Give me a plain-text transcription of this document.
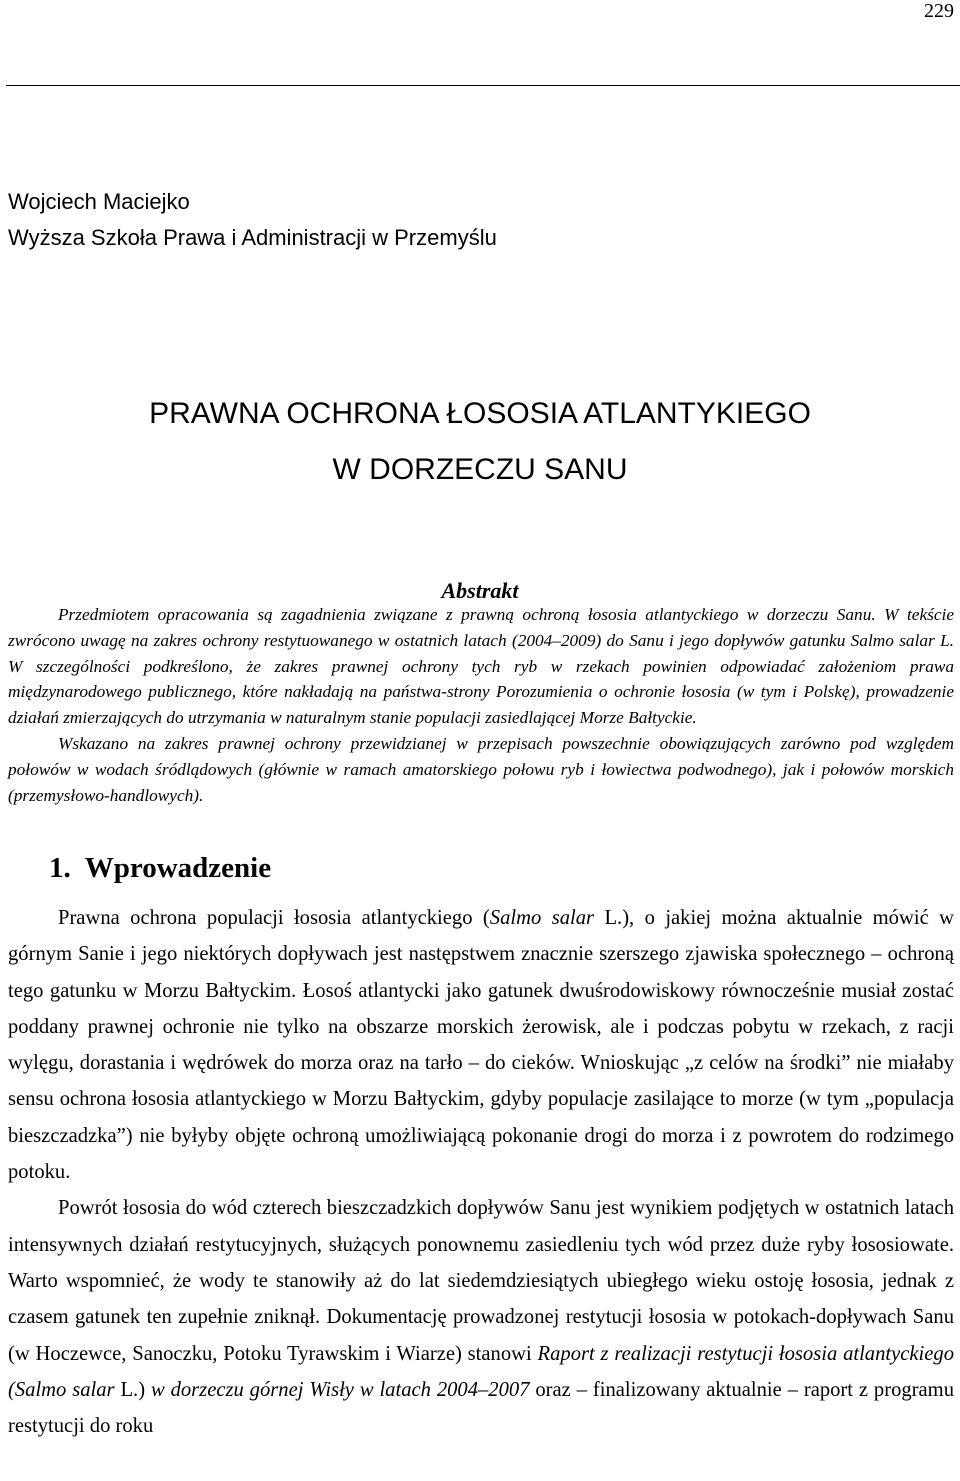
229
Wojciech Maciejko
Wyższa Szkoła Prawa i Administracji w Przemyślu
PRAWNA OCHRONA ŁOSOSIA ATLANTYKIEGO
W DORZECZU SANU
Abstrakt

Przedmiotem opracowania są zagadnienia związane z prawną ochroną łososia atlantyckiego w dorzeczu Sanu. W tekście zwrócono uwagę na zakres ochrony restytuowanego w ostatnich latach (2004–2009) do Sanu i jego dopływów gatunku Salmo salar L. W szczególności podkreślono, że zakres prawnej ochrony tych ryb w rzekach powinien odpowiadać założeniom prawa międzynarodowego publicznego, które nakładają na państwa-strony Porozumienia o ochronie łososia (w tym i Polskę), prowadzenie działań zmierzających do utrzymania w naturalnym stanie populacji zasiedlającej Morze Bałtyckie.

Wskazano na zakres prawnej ochrony przewidzianej w przepisach powszechnie obowiązujących zarówno pod względem połowów w wodach śródlądowych (głównie w ramach amatorskiego połowu ryb i łowiectwa podwodnego), jak i połowów morskich (przemysłowo-handlowych).

1. Wprowadzenie

Prawna ochrona populacji łososia atlantyckiego (Salmo salar L.), o jakiej można aktualnie mówić w górnym Sanie i jego niektórych dopływach jest następstwem znacznie szerszego zjawiska społecznego – ochroną tego gatunku w Morzu Bałtyckim. Łosoś atlantycki jako gatunek dwuśrodowiskowy równocześnie musiał zostać poddany prawnej ochronie nie tylko na obszarze morskich żerowisk, ale i podczas pobytu w rzekach, z racji wylęgu, dorastania i wędrówek do morza oraz na tarło – do cieków. Wnioskując „z celów na środki” nie miałaby sensu ochrona łososia atlantyckiego w Morzu Bałtyckim, gdyby populacje zasilające to morze (w tym „populacja bieszczadzka”) nie byłyby objęte ochroną umożliwiającą pokonanie drogi do morza i z powrotem do rodzimego potoku.

Powrót łososia do wód czterech bieszczadzkich dopływów Sanu jest wynikiem podjętych w ostatnich latach intensywnych działań restytucyjnych, służących ponownemu zasiedleniu tych wód przez duże ryby łososiowate. Warto wspomnieć, że wody te stanowiły aż do lat siedemdziesiątych ubiegłego wieku ostoję łososia, jednak z czasem gatunek ten zupełnie zniknął. Dokumentację prowadzonej restytucji łososia w potokach-dopływach Sanu (w Hoczewce, Sanoczku, Potoku Tyrawskim i Wiarze) stanowi Raport z realizacji restytucji łososia atlantyckiego (Salmo salar L.) w dorzeczu górnej Wisły w latach 2004–2007 oraz – finalizowany aktualnie – raport z programu restytucji do roku
